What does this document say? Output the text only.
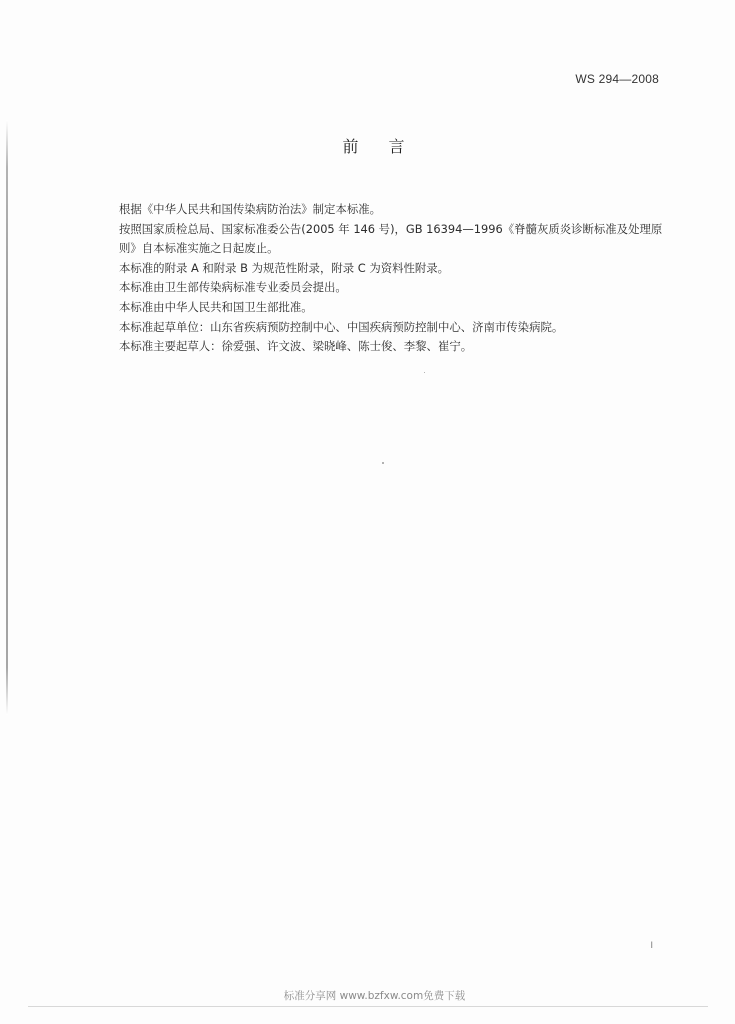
WS 294—2008
前 言

根据《中华人民共和国传染病防治法》制定本标准。

按照国家质检总局、国家标准委公告(2005 年 146 号)，GB 16394—1996《脊髓灰质炎诊断标准及处理原则》自本标准实施之日起废止。

本标准的附录 A 和附录 B 为规范性附录，附录 C 为资料性附录。

本标准由卫生部传染病标准专业委员会提出。

本标准由中华人民共和国卫生部批准。

本标准起草单位：山东省疾病预防控制中心、中国疾病预防控制中心、济南市传染病院。

本标准主要起草人：徐爱强、许文波、梁晓峰、陈士俊、李黎、崔宁。

I
标准分享网 www.bzfxw.com免费下载
